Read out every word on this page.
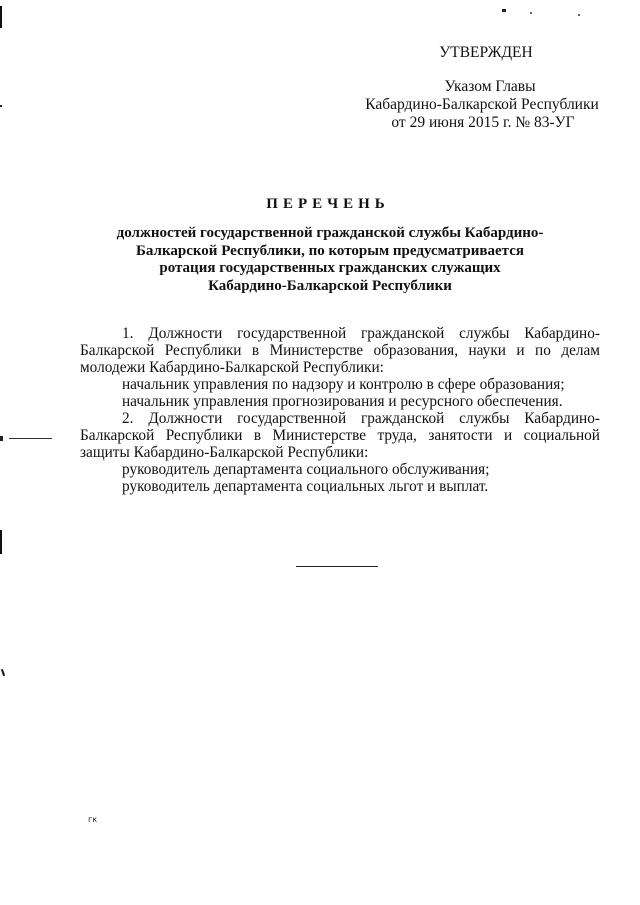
гк
УТВЕРЖДЕН
Указом Главы
Кабардино-Балкарской Республики
от 29 июня 2015 г. № 83-УГ
ПЕРЕЧЕНЬ
должностей государственной гражданской службы Кабардино-
Балкарской Республики, по которым предусматривается
ротация государственных гражданских служащих
Кабардино-Балкарской Республики

1. Должности государственной гражданской службы Кабардино-Балкарской Республики в Министерстве образования, науки и по делам молодежи Кабардино-Балкарской Республики:

начальник управления по надзору и контролю в сфере образования;

начальник управления прогнозирования и ресурсного обеспечения.

2. Должности государственной гражданской службы Кабардино-Балкарской Республики в Министерстве труда, занятости и социальной защиты Кабардино-Балкарской Республики:

руководитель департамента социального обслуживания;

руководитель департамента социальных льгот и выплат.
